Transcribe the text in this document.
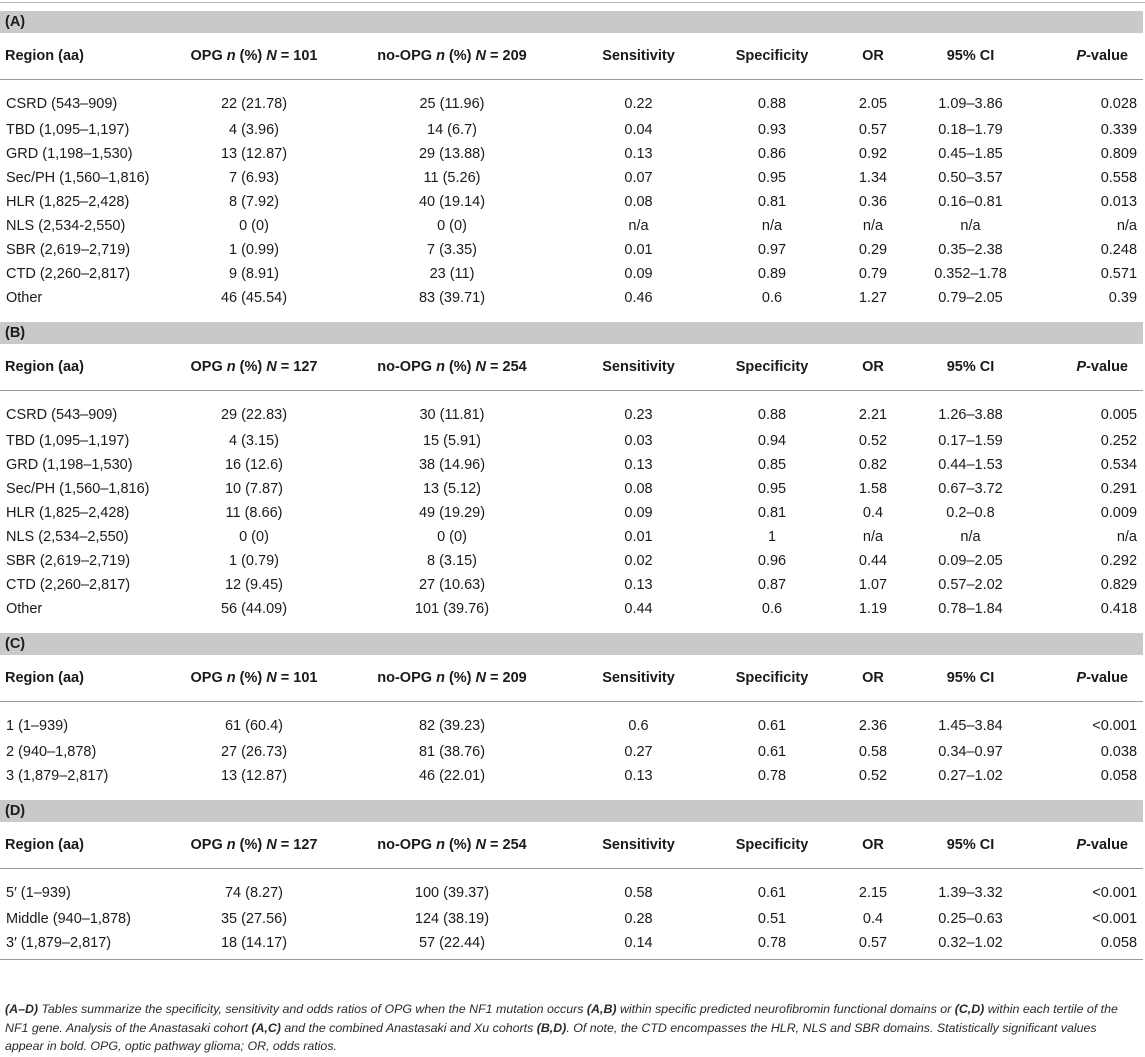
(A)							
Region (aa)	OPG n (%) N = 101	no-OPG n (%) N = 209	Sensitivity	Specificity	OR	95% CI	P-value
CSRD (543–909)	22 (21.78)	25 (11.96)	0.22	0.88	2.05	1.09–3.86	0.028
TBD (1,095–1,197)	4 (3.96)	14 (6.7)	0.04	0.93	0.57	0.18–1.79	0.339
GRD (1,198–1,530)	13 (12.87)	29 (13.88)	0.13	0.86	0.92	0.45–1.85	0.809
Sec/PH (1,560–1,816)	7 (6.93)	11 (5.26)	0.07	0.95	1.34	0.50–3.57	0.558
HLR (1,825–2,428)	8 (7.92)	40 (19.14)	0.08	0.81	0.36	0.16–0.81	0.013
NLS (2,534-2,550)	0 (0)	0 (0)	n/a	n/a	n/a	n/a	n/a
SBR (2,619–2,719)	1 (0.99)	7 (3.35)	0.01	0.97	0.29	0.35–2.38	0.248
CTD (2,260–2,817)	9 (8.91)	23 (11)	0.09	0.89	0.79	0.352–1.78	0.571
Other	46 (45.54)	83 (39.71)	0.46	0.6	1.27	0.79–2.05	0.39

(B)							
Region (aa)	OPG n (%) N = 127	no-OPG n (%) N = 254	Sensitivity	Specificity	OR	95% CI	P-value
CSRD (543–909)	29 (22.83)	30 (11.81)	0.23	0.88	2.21	1.26–3.88	0.005
TBD (1,095–1,197)	4 (3.15)	15 (5.91)	0.03	0.94	0.52	0.17–1.59	0.252
GRD (1,198–1,530)	16 (12.6)	38 (14.96)	0.13	0.85	0.82	0.44–1.53	0.534
Sec/PH (1,560–1,816)	10 (7.87)	13 (5.12)	0.08	0.95	1.58	0.67–3.72	0.291
HLR (1,825–2,428)	11 (8.66)	49 (19.29)	0.09	0.81	0.4	0.2–0.8	0.009
NLS (2,534–2,550)	0 (0)	0 (0)	0.01	1	n/a	n/a	n/a
SBR (2,619–2,719)	1 (0.79)	8 (3.15)	0.02	0.96	0.44	0.09–2.05	0.292
CTD (2,260–2,817)	12 (9.45)	27 (10.63)	0.13	0.87	1.07	0.57–2.02	0.829
Other	56 (44.09)	101 (39.76)	0.44	0.6	1.19	0.78–1.84	0.418

(C)							
Region (aa)	OPG n (%) N = 101	no-OPG n (%) N = 209	Sensitivity	Specificity	OR	95% CI	P-value
1 (1–939)	61 (60.4)	82 (39.23)	0.6	0.61	2.36	1.45–3.84	<0.001
2 (940–1,878)	27 (26.73)	81 (38.76)	0.27	0.61	0.58	0.34–0.97	0.038
3 (1,879–2,817)	13 (12.87)	46 (22.01)	0.13	0.78	0.52	0.27–1.02	0.058

(D)							
Region (aa)	OPG n (%) N = 127	no-OPG n (%) N = 254	Sensitivity	Specificity	OR	95% CI	P-value
5′ (1–939)	74 (8.27)	100 (39.37)	0.58	0.61	2.15	1.39–3.32	<0.001
Middle (940–1,878)	35 (27.56)	124 (38.19)	0.28	0.51	0.4	0.25–0.63	<0.001
3′ (1,879–2,817)	18 (14.17)	57 (22.44)	0.14	0.78	0.57	0.32–1.02	0.058

(A–D) Tables summarize the specificity, sensitivity and odds ratios of OPG when the NF1 mutation occurs (A,B) within specific predicted neurofibromin functional domains or (C,D) within each tertile of the NF1 gene. Analysis of the Anastasaki cohort (A,C) and the combined Anastasaki and Xu cohorts (B,D). Of note, the CTD encompasses the HLR, NLS and SBR domains. Statistically significant values appear in bold. OPG, optic pathway glioma; OR, odds ratios.
